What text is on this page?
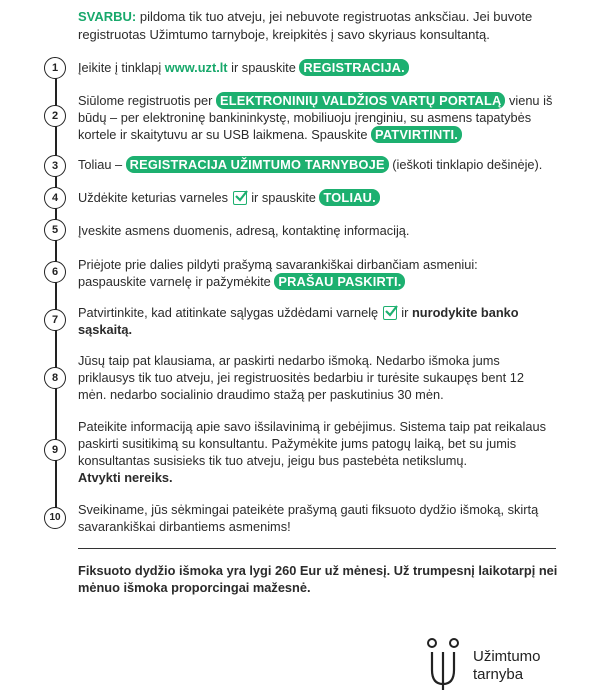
SVARBU: pildoma tik tuo atveju, jei nebuvote registruotas anksčiau. Jei buvote registruotas Užimtumo tarnyboje, kreipkitės į savo skyriaus konsultantą.
1	Įeikite į tinklapį www.uzt.lt ir spauskite REGISTRACIJA.
2
Siūlome registruotis per ELEKTRONINIŲ VALDŽIOS VARTŲ PORTALĄ vienu iš būdų – per elektroninę bankininkystę, mobiliuoju įrenginiu, su asmens tapatybės kortele ir skaitytuvu ar su USB laikmena. Spauskite PATVIRTINTI.
3	Toliau – REGISTRACIJA UŽIMTUMO TARNYBOJE (ieškoti tinklapio dešinėje).
4	Uždėkite keturias varneles
ir spauskite TOLIAU.
5	Įveskite asmens duomenis, adresą, kontaktinę informaciją.
6	Priėjote prie dalies pildyti prašymą savarankiškai dirbančiam asmeniui: paspauskite varnelę ir pažymėkite PRAŠAU PASKIRTI.
7	Patvirtinkite, kad atitinkate sąlygas uždėdami varnelę
ir nurodykite banko sąskaitą.
8
Jūsų taip pat klausiama, ar paskirti nedarbo išmoką. Nedarbo išmoka jums priklausys tik tuo atveju, jei registruositės bedarbiu ir turėsite sukaupęs bent 12 mėn. nedarbo socialinio draudimo stažą per paskutinius 30 mėn.
9
Pateikite informaciją apie savo išsilavinimą ir gebėjimus. Sistema taip pat reikalaus paskirti susitikimą su konsultantu. Pažymėkite jums patogų laiką, bet su jumis konsultantas susisieks tik tuo atveju, jeigu bus pastebėta netikslumų.
Atvykti nereiks.
10
Sveikiname, jūs sėkmingai pateikėte prašymą gauti fiksuoto dydžio išmoką, skirtą savarankiškai dirbantiems asmenims!
Fiksuoto dydžio išmoka yra lygi 260 Eur už mėnesį. Už trumpesnį laikotarpį nei mėnuo išmoka proporcingai mažesnė.
Užimtumo
tarnyba
